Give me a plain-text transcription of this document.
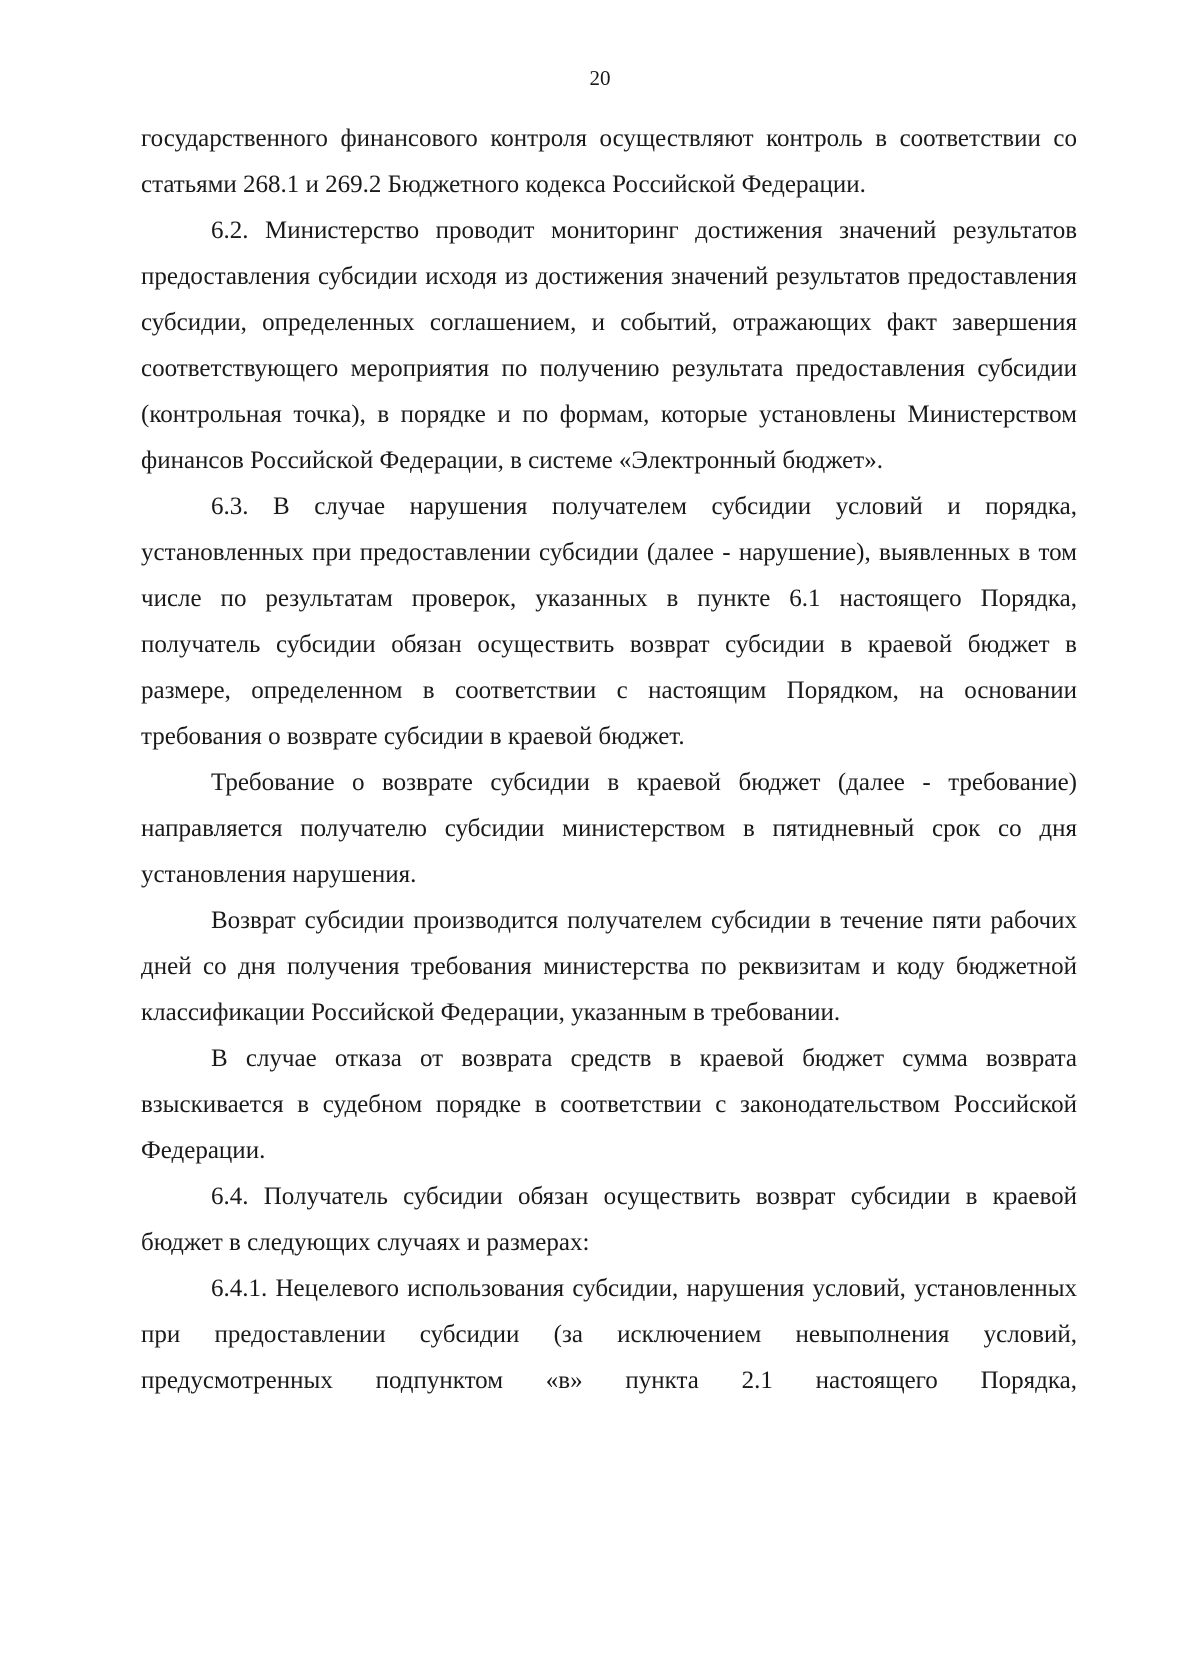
20

государственного финансового контроля осуществляют контроль в соответствии со статьями 268.1 и 269.2 Бюджетного кодекса Российской Федерации.

6.2. Министерство проводит мониторинг достижения значений результатов предоставления субсидии исходя из достижения значений результатов предоставления субсидии, определенных соглашением, и событий, отражающих факт завершения соответствующего мероприятия по получению результата предоставления субсидии (контрольная точка), в порядке и по формам, которые установлены Министерством финансов Российской Федерации, в системе «Электронный бюджет».

6.3. В случае нарушения получателем субсидии условий и порядка, установленных при предоставлении субсидии (далее - нарушение), выявленных в том числе по результатам проверок, указанных в пункте 6.1 настоящего Порядка, получатель субсидии обязан осуществить возврат субсидии в краевой бюджет в размере, определенном в соответствии с настоящим Порядком, на основании требования о возврате субсидии в краевой бюджет.

Требование о возврате субсидии в краевой бюджет (далее - требование) направляется получателю субсидии министерством в пятидневный срок со дня установления нарушения.

Возврат субсидии производится получателем субсидии в течение пяти рабочих дней со дня получения требования министерства по реквизитам и коду бюджетной классификации Российской Федерации, указанным в требовании.

В случае отказа от возврата средств в краевой бюджет сумма возврата взыскивается в судебном порядке в соответствии с законодательством Российской Федерации.

6.4. Получатель субсидии обязан осуществить возврат субсидии в краевой бюджет в следующих случаях и размерах:

6.4.1. Нецелевого использования субсидии, нарушения условий, установленных при предоставлении субсидии (за исключением невыполнения условий, предусмотренных подпунктом «в» пункта 2.1 настоящего Порядка,
